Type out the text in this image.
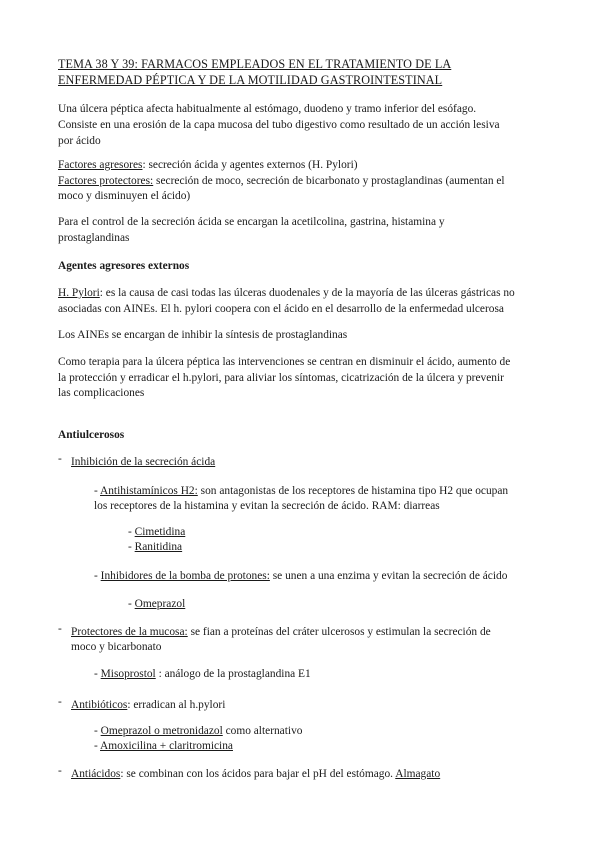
TEMA 38 Y 39: FARMACOS EMPLEADOS EN EL TRATAMIENTO DE LA
ENFERMEDAD PÉPTICA Y DE LA MOTILIDAD GASTROINTESTINAL
Una úlcera péptica afecta habitualmente al estómago, duodeno y tramo inferior del esófago.
Consiste en una erosión de la capa mucosa del tubo digestivo como resultado de un acción lesiva
por ácido
Factores agresores: secreción ácida y agentes externos (H. Pylori)
Factores protectores: secreción de moco, secreción de bicarbonato y prostaglandinas (aumentan el
moco y disminuyen el ácido)
Para el control de la secreción ácida se encargan la acetilcolina, gastrina, histamina y
prostaglandinas
Agentes agresores externos
H. Pylori: es la causa de casi todas las úlceras duodenales y de la mayoría de las úlceras gástricas no
asociadas con AINEs. El h. pylori coopera con el ácido en el desarrollo de la enfermedad ulcerosa
Los AINEs se encargan de inhibir la síntesis de prostaglandinas
Como terapia para la úlcera péptica las intervenciones se centran en disminuir el ácido, aumento de
la protección y erradicar el h.pylori, para aliviar los síntomas, cicatrización de la úlcera y prevenir
las complicaciones
Antiulcerosos
- Inhibición de la secreción ácida
- Antihistamínicos H2: son antagonistas de los receptores de histamina tipo H2 que ocupan
los receptores de la histamina y evitan la secreción de ácido. RAM: diarreas
- Cimetidina
- Ranitidina
- Inhibidores de la bomba de protones: se unen a una enzima y evitan la secreción de ácido
- Omeprazol
- Protectores de la mucosa: se fian a proteínas del cráter ulcerosos y estimulan la secreción de
moco y bicarbonato
- Misoprostol : análogo de la prostaglandina E1
- Antibióticos: erradican al h.pylori
- Omeprazol o metronidazol como alternativo
- Amoxicilina + claritromicina
- Antiácidos: se combinan con los ácidos para bajar el pH del estómago. Almagato
